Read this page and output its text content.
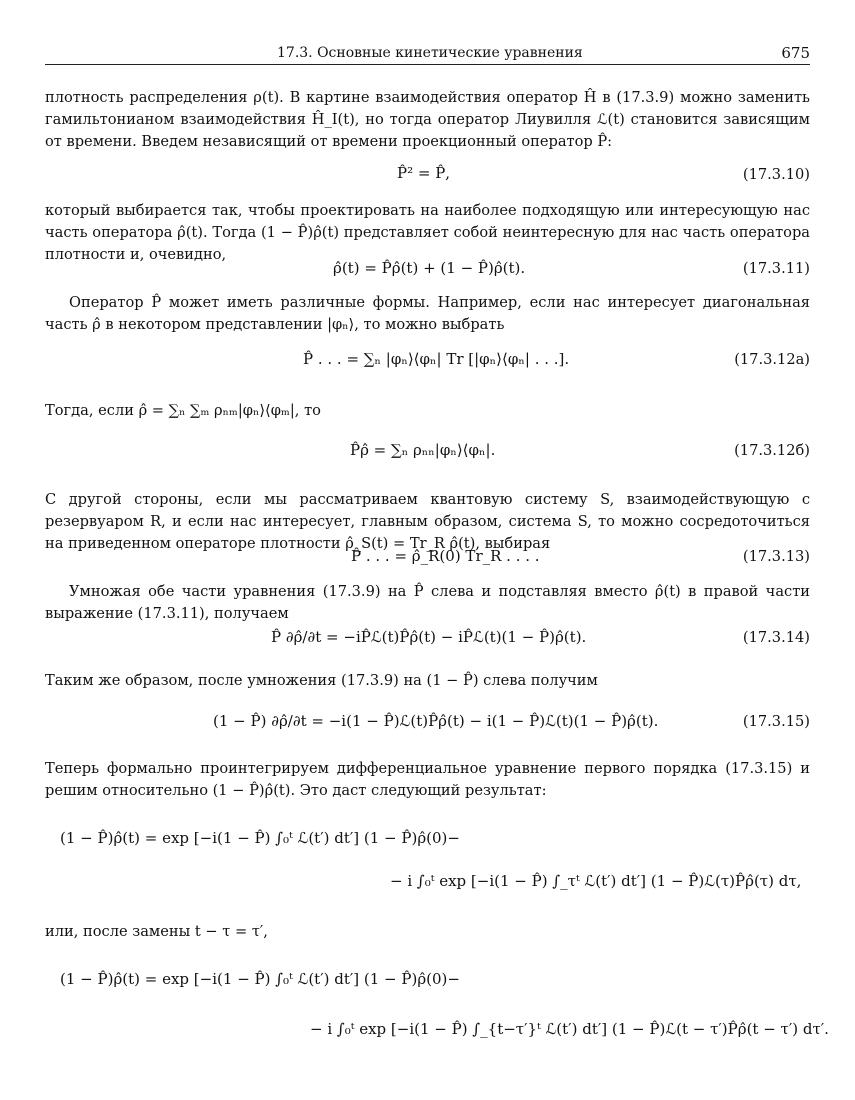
17.3. Основные кинетические уравнения	675

плотность распределения ρ(t). В картине взаимодействия оператор Ĥ в (17.3.9) можно заменить гамильтонианом взаимодействия Ĥ_I(t), но тогда оператор Лиувилля ℒ(t) становится зависящим от времени. Введем независящий от времени проекционный оператор P̂:

P̂² = P̂,	(17.3.10)

который выбирается так, чтобы проектировать на наиболее подходящую или интересующую нас часть оператора ρ̂(t). Тогда (1 − P̂)ρ̂(t) представляет собой неинтересную для нас часть оператора плотности и, очевидно,

ρ̂(t) = P̂ρ̂(t) + (1 − P̂)ρ̂(t).	(17.3.11)

Оператор P̂ может иметь различные формы. Например, если нас интересует диагональная часть ρ̂ в некотором представлении |φₙ⟩, то можно выбрать

P̂ . . . = ∑ₙ |φₙ⟩⟨φₙ| Tr [|φₙ⟩⟨φₙ| . . .].	(17.3.12a)

Тогда, если ρ̂ = ∑ₙ ∑ₘ ρₙₘ|φₙ⟩⟨φₘ|, то

P̂ρ̂ = ∑ₙ ρₙₙ|φₙ⟩⟨φₙ|.	(17.3.12б)

С другой стороны, если мы рассматриваем квантовую систему S, взаимодействующую с резервуаром R, и если нас интересует, главным образом, система S, то можно сосредоточиться на приведенном операторе плотности ρ̂_S(t) = Tr_R ρ̂(t), выбирая

P̂ . . . = ρ̂_R(0) Tr_R . . . .	(17.3.13)

Умножая обе части уравнения (17.3.9) на P̂ слева и подставляя вместо ρ̂(t) в правой части выражение (17.3.11), получаем

P̂ ∂ρ̂/∂t = −iP̂ℒ(t)P̂ρ̂(t) − iP̂ℒ(t)(1 − P̂)ρ̂(t).	(17.3.14)

Таким же образом, после умножения (17.3.9) на (1 − P̂) слева получим

(1 − P̂) ∂ρ̂/∂t = −i(1 − P̂)ℒ(t)P̂ρ̂(t) − i(1 − P̂)ℒ(t)(1 − P̂)ρ̂(t).	(17.3.15)

Теперь формально проинтегрируем дифференциальное уравнение первого порядка (17.3.15) и решим относительно (1 − P̂)ρ̂(t). Это даст следующий результат:

(1 − P̂)ρ̂(t) = exp [−i(1 − P̂) ∫₀ᵗ ℒ(t′) dt′] (1 − P̂)ρ̂(0)−
− i ∫₀ᵗ exp [−i(1 − P̂) ∫_τᵗ ℒ(t′) dt′] (1 − P̂)ℒ(τ)P̂ρ̂(τ) dτ,

или, после замены t − τ = τ′,

(1 − P̂)ρ̂(t) = exp [−i(1 − P̂) ∫₀ᵗ ℒ(t′) dt′] (1 − P̂)ρ̂(0)−
− i ∫₀ᵗ exp [−i(1 − P̂) ∫_{t−τ′}ᵗ ℒ(t′) dt′] (1 − P̂)ℒ(t − τ′)P̂ρ̂(t − τ′) dτ′.
